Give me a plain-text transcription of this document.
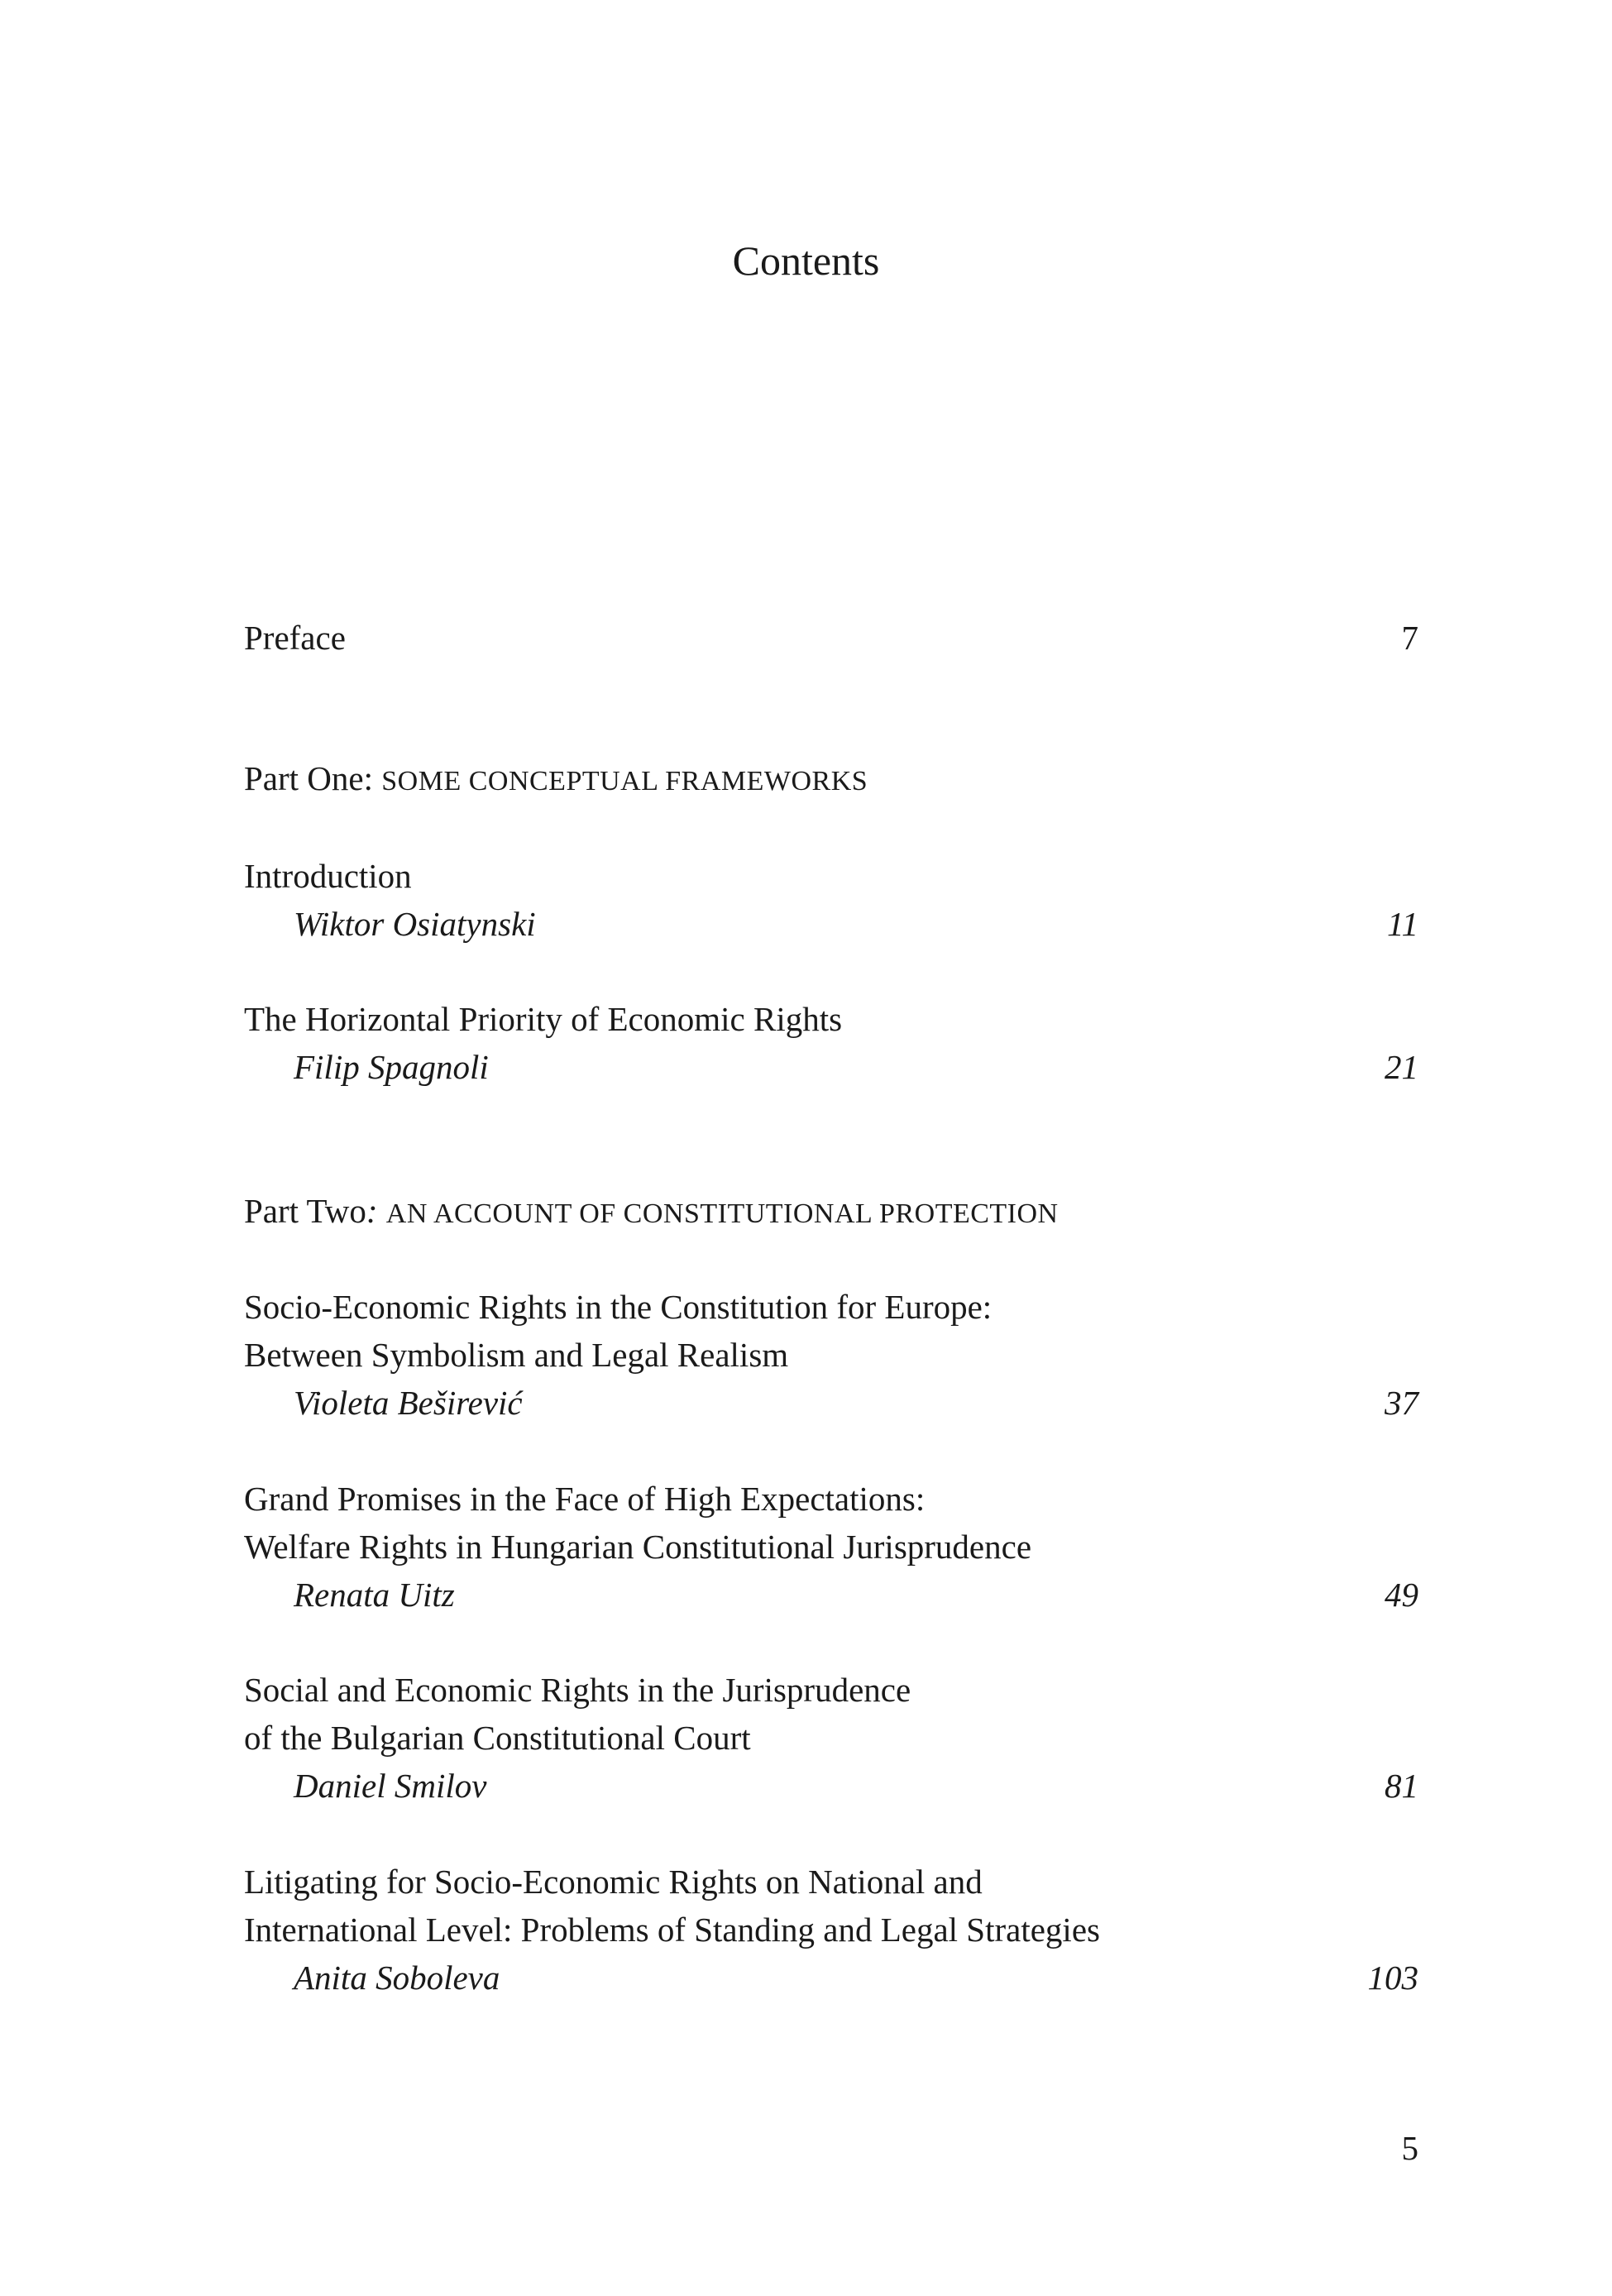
Contents
Preface	7
Part One: SOME CONCEPTUAL FRAMEWORKS
Introduction
Wiktor Osiatynski	11
The Horizontal Priority of Economic Rights
Filip Spagnoli	21
Part Two: AN ACCOUNT OF CONSTITUTIONAL PROTECTION
Socio-Economic Rights in the Constitution for Europe:
Between Symbolism and Legal Realism
Violeta Beširević	37
Grand Promises in the Face of High Expectations:
Welfare Rights in Hungarian Constitutional Jurisprudence
Renata Uitz	49
Social and Economic Rights in the Jurisprudence
of the Bulgarian Constitutional Court
Daniel Smilov	81
Litigating for Socio-Economic Rights on National and
International Level: Problems of Standing and Legal Strategies
Anita Soboleva	103
5
